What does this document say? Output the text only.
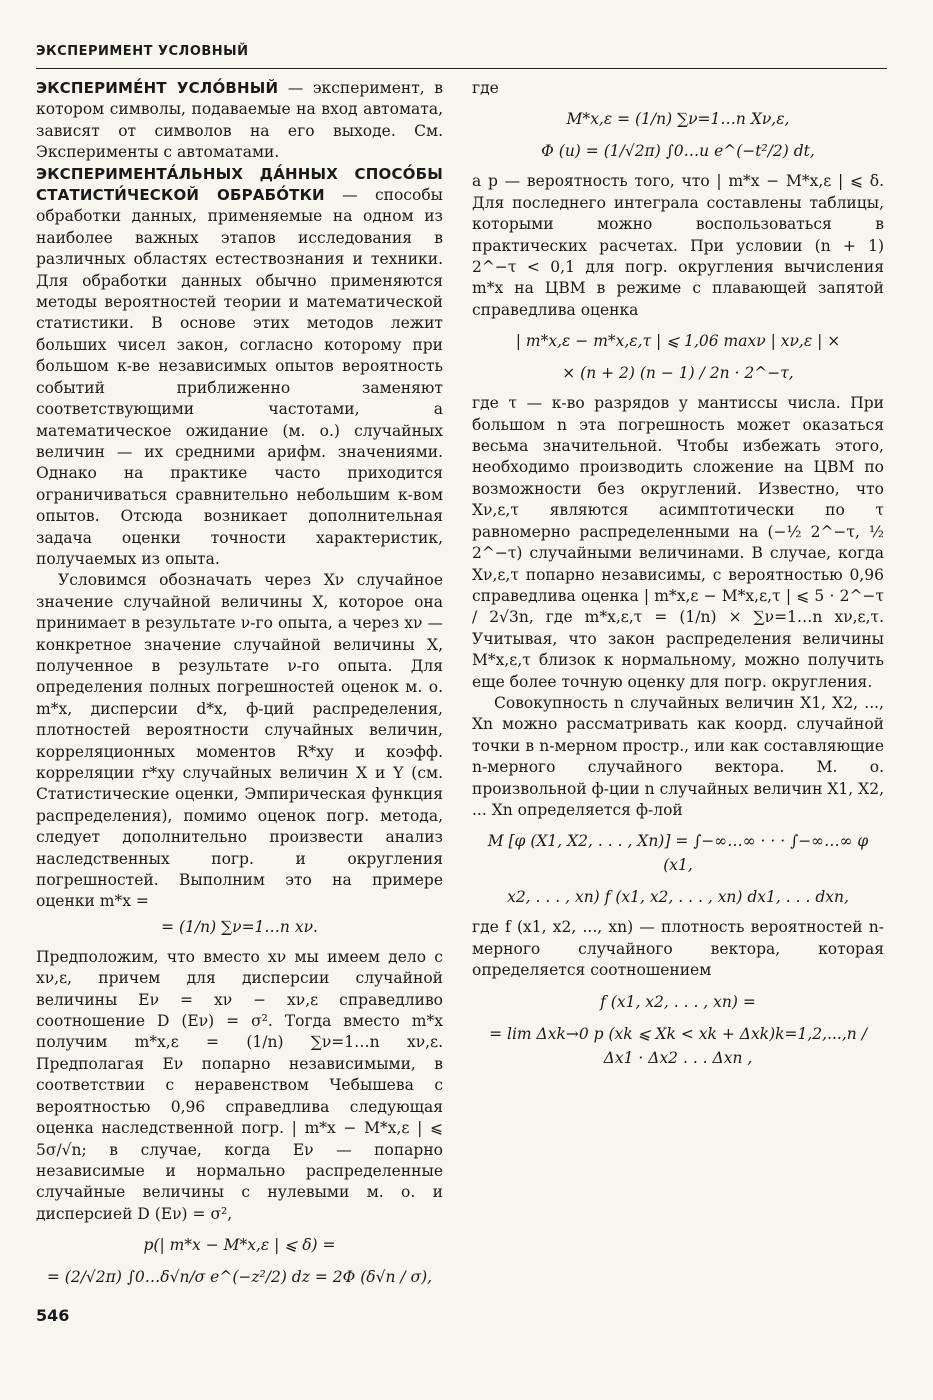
ЭКСПЕРИМЕНТ УСЛОВНЫЙ

ЭКСПЕРИМЕ́НТ УСЛО́ВНЫЙ — эксперимент, в котором символы, подаваемые на вход автомата, зависят от символов на его выходе. См. Эксперименты с автоматами.

ЭКСПЕРИМЕНТА́ЛЬНЫХ ДА́ННЫХ СПОСО́БЫ СТАТИСТИ́ЧЕСКОЙ ОБРАБО́ТКИ — способы обработки данных, применяемые на одном из наиболее важных этапов исследования в различных областях естествознания и техники. Для обработки данных обычно применяются методы вероятностей теории и математической статистики. В основе этих методов лежит больших чисел закон, согласно которому при большом к-ве независимых опытов вероятность событий приближенно заменяют соответствующими частотами, а математическое ожидание (м. о.) случайных величин — их средними арифм. значениями. Однако на практике часто приходится ограничиваться сравнительно небольшим к-вом опытов. Отсюда возникает дополнительная задача оценки точности характеристик, получаемых из опыта.

Условимся обозначать через Xν случайное значение случайной величины X, которое она принимает в результате ν-го опыта, а через xν — конкретное значение случайной величины X, полученное в результате ν-го опыта. Для определения полных погрешностей оценок м. о. m*x, дисперсии d*x, ф-ций распределения, плотностей вероятности случайных величин, корреляционных моментов R*xy и коэфф. корреляции r*xy случайных величин X и Y (см. Статистические оценки, Эмпирическая функция распределения), помимо оценок погр. метода, следует дополнительно произвести анализ наследственных погр. и округления погрешностей. Выполним это на примере оценки m*x =

= (1/n) ∑ν=1…n xν.

Предположим, что вместо xν мы имеем дело с xν,ε, причем для дисперсии случайной величины Eν = xν − xν,ε справедливо соотношение D (Eν) = σ². Тогда вместо m*x получим m*x,ε = (1/n) ∑ν=1…n xν,ε. Предполагая Eν попарно независимыми, в соответствии с неравенством Чебышева с вероятностью 0,96 справедлива следующая оценка наследственной погр. | m*x − M*x,ε | ⩽ 5σ/√n; в случае, когда Eν — попарно независимые и нормально распределенные случайные величины с нулевыми м. о. и дисперсией D (Eν) = σ²,

p(| m*x − M*x,ε | ⩽ δ) =
= (2/√2π) ∫0…δ√n/σ e^(−z²/2) dz = 2Φ (δ√n / σ),

где

M*x,ε = (1/n) ∑ν=1…n Xν,ε,
Φ (u) = (1/√2π) ∫0…u e^(−t²/2) dt,

а p — вероятность того, что | m*x − M*x,ε | ⩽ δ. Для последнего интеграла составлены таблицы, которыми можно воспользоваться в практических расчетах. При условии (n + 1) 2^−τ < 0,1 для погр. округления вычисления m*x на ЦВМ в режиме с плавающей запятой справедлива оценка

| m*x,ε − m*x,ε,τ | ⩽ 1,06 maxν | xν,ε | ×
× (n + 2) (n − 1) / 2n · 2^−τ,

где τ — к-во разрядов у мантиссы числа. При большом n эта погрешность может оказаться весьма значительной. Чтобы избежать этого, необходимо производить сложение на ЦВМ по возможности без округлений. Известно, что Xν,ε,τ являются асимптотически по τ равномерно распределенными на (−½ 2^−τ, ½ 2^−τ) случайными величинами. В случае, когда Xν,ε,τ попарно независимы, с вероятностью 0,96 справедлива оценка | m*x,ε − M*x,ε,τ | ⩽ 5 · 2^−τ / 2√3n, где m*x,ε,τ = (1/n) × ∑ν=1…n xν,ε,τ. Учитывая, что закон распределения величины M*x,ε,τ близок к нормальному, можно получить еще более точную оценку для погр. округления.

Совокупность n случайных величин X1, X2, ..., Xn можно рассматривать как коорд. случайной точки в n-мерном простр., или как составляющие n-мерного случайного вектора. М. о. произвольной ф-ции n случайных величин X1, X2, ... Xn определяется ф-лой

M [φ (X1, X2, . . . , Xn)] = ∫−∞…∞ · · · ∫−∞…∞ φ (x1,
x2, . . . , xn) f (x1, x2, . . . , xn) dx1, . . . dxn,

где f (x1, x2, ..., xn) — плотность вероятностей n-мерного случайного вектора, которая определяется соотношением

f (x1, x2, . . . , xn) =
= lim Δxk→0 p (xk ⩽ Xk < xk + Δxk)k=1,2,...,n / Δx1 · Δx2 . . . Δxn ,
546
